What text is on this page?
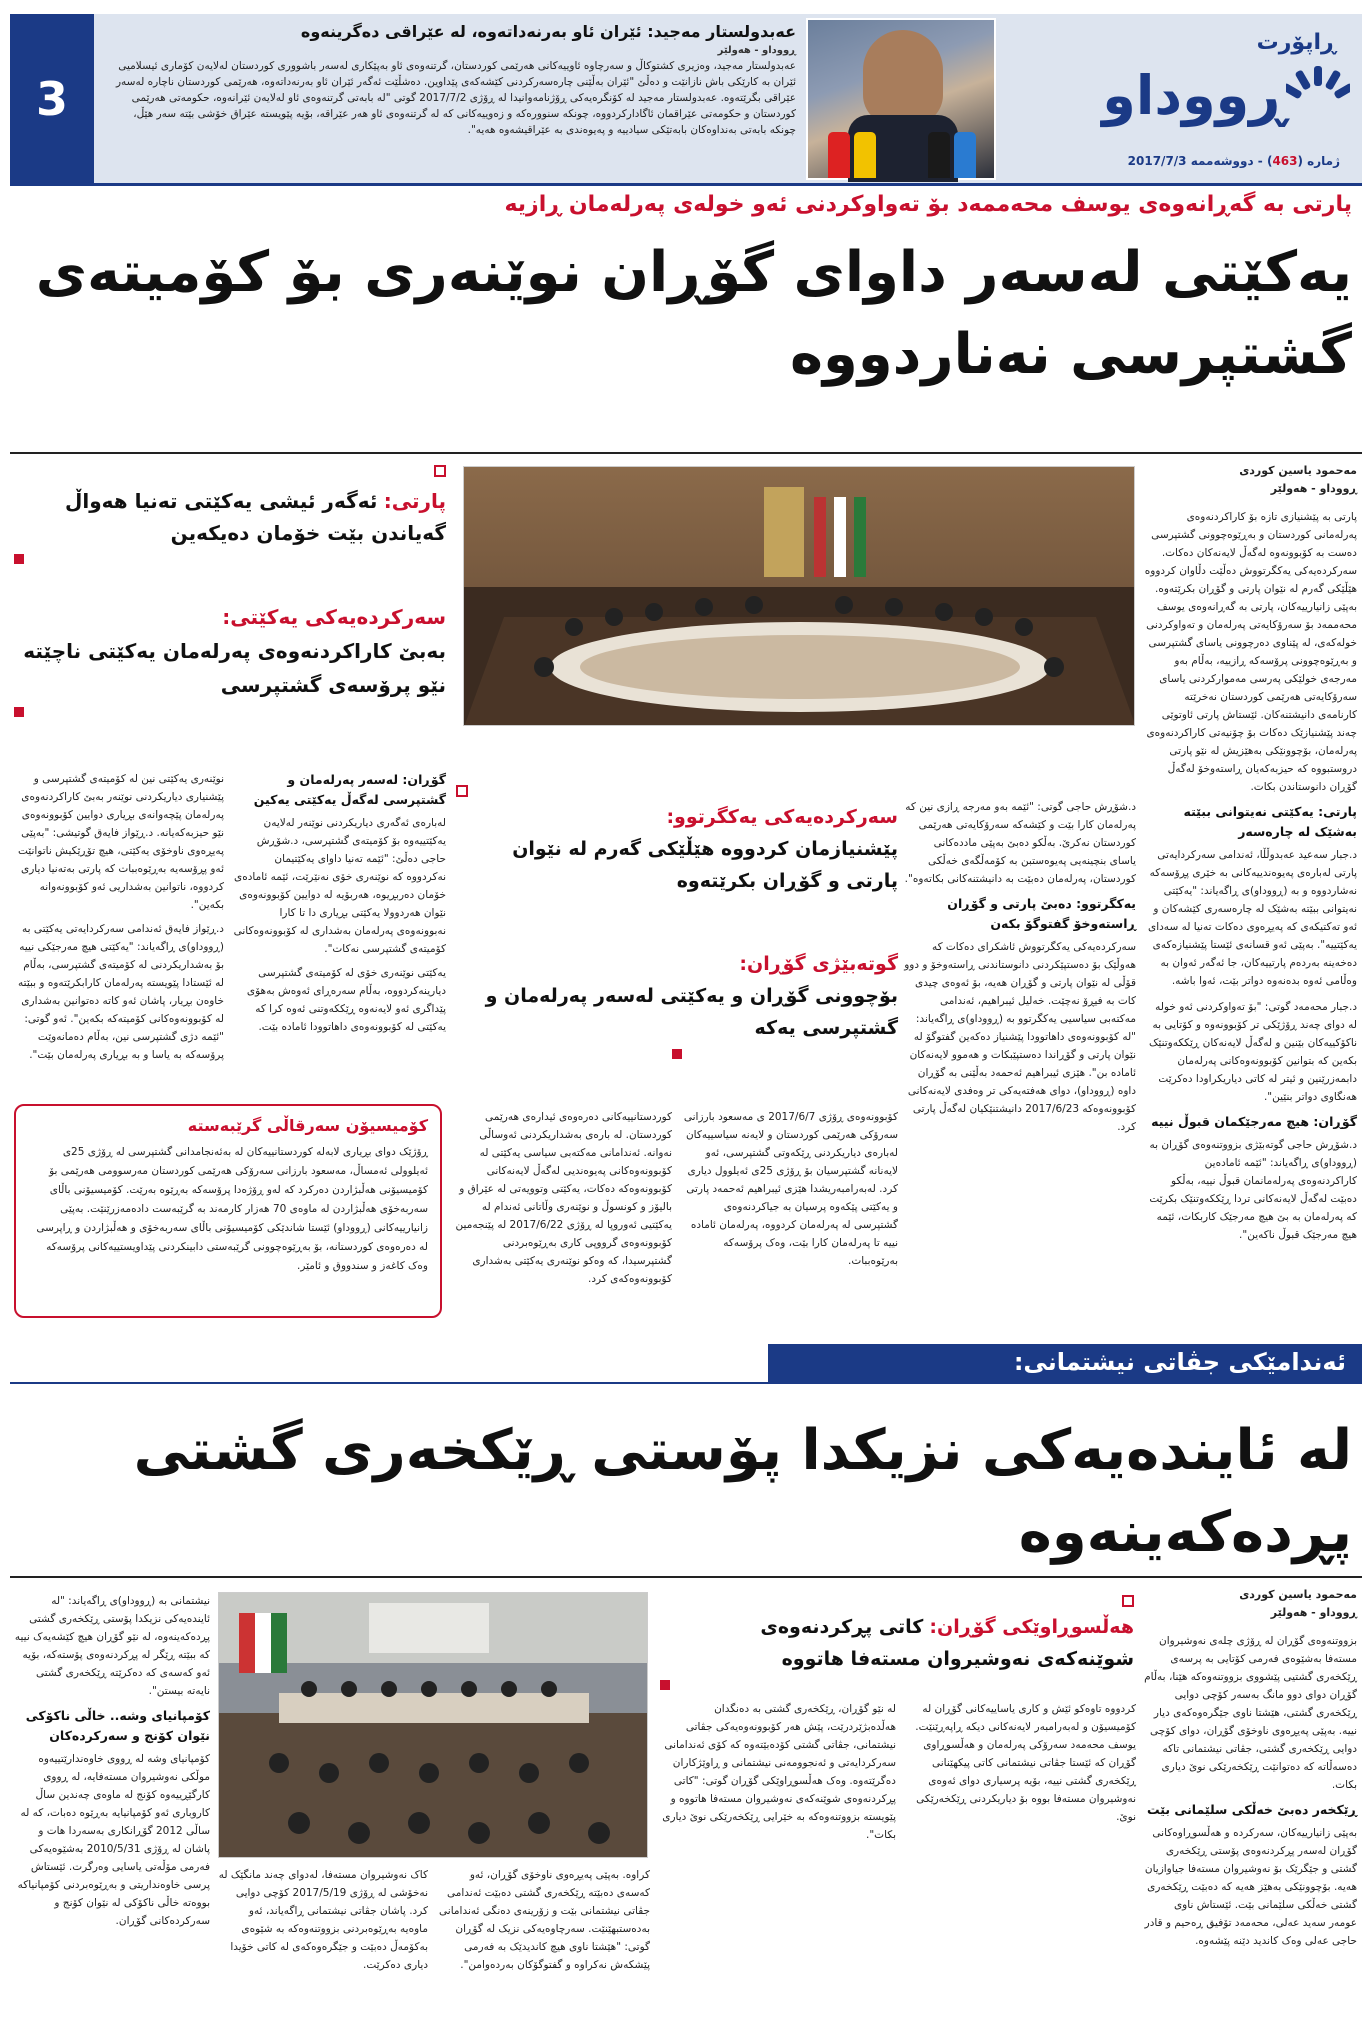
3
عەبدولستار مەجید: ئێران ئاو بەرنەداتەوە، لە عێراقی دەگرینەوە
ڕووداو - هەولێر
عەبدولستار مەجید، وەزیری کشتوکاڵ و سەرچاوە ئاوییەکانی هەرێمی کوردستان، گرتنەوەی ئاو بەپێکاری لەسەر باشووری کوردستان لەلایەن کۆماری ئیسلامیی ئێران بە کارێکی باش نازانێت و دەڵێ "ئێران بەڵێنی چارەسەرکردنی کێشەکەی پێداوین. دەشڵێت ئەگەر ئێران ئاو بەرنەداتەوە، هەرێمی کوردستان ناچارە لەسەر عێراقی بگرێتەوە. عەبدولستار مەجید لە کۆنگرەیەکی ڕۆژنامەوانیدا لە ڕۆژی 2017/7/2 گوتی "لە بابەتی گرتنەوەی ئاو لەلایەن ئێرانەوە، حکومەتی هەرێمی کوردستان و حکومەتی عێراقمان ئاگادارکردووە، چونکە سنوورەکە و زەوییەکانی کە لە گرتنەوەی ئاو هەر عێراقە، بۆیە پێویستە عێراق خۆشی بێتە سەر هێڵ، چونکە بابەتی بەنداوەکان بابەتێکی سیادییە و پەیوەندی بە عێراقیشەوە هەیە".
ڕاپۆرت
ڕووداو
ژمارە (463) - دووشەممە 2017/7/3
پارتی بە گەڕانەوەی یوسف محەممەد بۆ تەواوکردنی ئەو خولەی پەرلەمان ڕازیە
یەکێتی لەسەر داوای گۆڕان نوێنەری بۆ کۆمیتەی گشتپرسی نەناردووە
مەحمود یاسین کوردی
ڕووداو - هەولێر
پارتی بە پێشنیازی تازە بۆ کاراکردنەوەی پەرلەمانی کوردستان و بەڕێوەچوونی گشتپرسی دەست بە کۆبوونەوە لەگەڵ لایەنەکان دەکات. سەرکردەیەکی یەکگرتووش دەڵێت دڵاوان کردووە هێڵێکی گەرم لە نێوان پارتی و گۆڕان بکرێتەوە. بەپێی زانیارییەکان، پارتی بە گەڕانەوەی یوسف محەممەد بۆ سەرۆکایەتی پەرلەمان و تەواوکردنی خولەکەی، لە پێناوی دەرچوونی یاسای گشتپرسی و بەڕێوەچوونی پرۆسەکە ڕازییە، بەڵام بەو مەرجەی خولێکی پەرسی مەموارکردنی یاسای سەرۆکایەتی هەرێمی کوردستان نەخرێتە کارنامەی دانیشتنەکان. ئێستاش پارتی ئاوتوێی چەند پێشنیازێک دەکات بۆ چۆنیەتی کاراکردنەوەی پەرلەمان، بۆچوونێکی بەهێزیش لە نێو پارتی دروستبووە کە حیزبەکەیان ڕاستەوخۆ لەگەڵ گۆڕان دانوستاندن بکات.
پارتی: یەکێتی نەیتوانی ببێتە بەشێک لە چارەسەر
د.جبار سەعید عەبدوڵڵا، ئەندامی سەرکردایەتی پارتی لەبارەی پەیوەندییەکانی بە خێری پڕۆسەکە نەشاردووە و بە (ڕووداو)ی ڕاگەیاند: "یەکێتی نەیتوانی ببێتە بەشێک لە چارەسەری کێشەکان و ئەو تەکتیکەی کە پەیڕەوی دەکات تەنیا لە سەدای یەکێتییە". بەپێی ئەو قسانەی ئێستا پێشنیازەکەی دەخەینە بەردەم پارتییەکان، جا ئەگەر ئەوان بە وەڵامی ئەوە بدەنەوە دواتر بێت، ئەوا باشە.
د.جبار محەمەد گوتی: "بۆ تەواوکردنی ئەو خولە لە دوای چەند ڕۆژێکی تر کۆبوونەوە و کۆتایی بە ناکۆکییەکان بێنین و لەگەڵ لایەنەکان ڕێککەوتنێک بکەین کە بتوانین کۆبوونەوەکانی پەرلەمان دابمەزرێنین و ئیتر لە کاتی دیاریکراودا دەکرێت هەنگاوی دواتر بنێین".
گۆڕان: هیچ مەرجێکمان قبوڵ نییە
د.شۆڕش حاجی گوتەبێژی بزووتنەوەی گۆڕان بە (ڕووداو)ی ڕاگەیاند: "ئێمە ئامادەین کاراکردنەوەی پەرلەمانمان قبوڵ نییە، بەڵکو دەبێت لەگەڵ لایەنەکانی تردا ڕێککەوتنێک بکرێت کە پەرلەمان بە بێ هیچ مەرجێک کاربکات، ئێمە هیچ مەرجێک قبوڵ ناکەین".
پارتی: ئەگەر ئیشی یەکێتی تەنیا هەواڵ گەیاندن بێت خۆمان دەیکەین
سەرکردەیەکی یەکێتی:
بەبێ کاراکردنەوەی پەرلەمان یەکێتی ناچێتە نێو پرۆسەی گشتپرسی
سەرکردەیەکی یەکگرتوو:
پێشنیازمان کردووە هێڵێکی گەرم لە نێوان پارتی و گۆڕان بکرێتەوە
گوتەبێژی گۆڕان:
بۆچوونی گۆڕان و یەکێتی لەسەر پەرلەمان و گشتپرسی یەکە
د.شۆڕش حاجی گوتی: "ئێمە بەو مەرجە ڕازی نین کە پەرلەمان کارا بێت و کێشەکە سەرۆکایەتی هەرێمی کوردستان نەکرێ. بەڵکو دەبێ بەپێی ماددەکانی یاسای بنچینەیی پەیوەستبن بە کۆمەڵگەی خەڵکی کوردستان، پەرلەمان دەبێت بە دانیشتنەکانی بکاتەوە".
یەکگرتوو: دەبێ پارتی و گۆڕان ڕاستەوخۆ گفتوگۆ بکەن
سەرکردەیەکی یەکگرتووش ئاشکرای دەکات کە هەوڵێک بۆ دەستپێکردنی دانوستاندنی ڕاستەوخۆ و دوو قۆڵی لە نێوان پارتی و گۆڕان هەیە، بۆ ئەوەی چیدی کات بە فیڕۆ نەچێت. خەلیل ئیبراهیم، ئەندامی مەکتەبی سیاسیی یەکگرتوو بە (ڕووداو)ی ڕاگەیاند: "لە کۆبوونەوەی داهاتوودا پێشنیاز دەکەین گفتوگۆ لە نێوان پارتی و گۆڕاندا دەستپێبکات و هەموو لایەنەکان ئامادە بن". هێزی ئیبراهیم ئەحمەد بەڵێنی بە گۆڕان داوە (ڕووداو)، دوای هەفتەیەکی تر وەفدی لایەنەکانی کۆبوونەوەکە 2017/6/23 دانیشتنێکیان لەگەڵ پارتی کرد.
گۆڕان: لەسەر پەرلەمان و گشتپرسی لەگەڵ یەکێتی یەکین
لەبارەی ئەگەری دیاریکردنی نوێنەر لەلایەن یەکێتییەوە بۆ کۆمیتەی گشتپرسی، د.شۆڕش حاجی دەڵێ: "ئێمە تەنیا داوای یەکێتیمان نەکردووە کە نوێنەری خۆی نەنێرێت، ئێمە ئامادەی خۆمان دەربڕیوە، هەربۆیە لە دوایین کۆبوونەوەی نێوان هەردوولا یەکێتی بڕیاری دا تا کارا نەبوونەوەی پەرلەمان بەشداری لە کۆبوونەوەکانی کۆمیتەی گشتپرسی نەکات".
یەکێتی نوێنەری خۆی لە کۆمیتەی گشتپرسی دیارینەکردووە، بەڵام سەرەڕای ئەوەش بەهۆی پێداگری ئەو لایەنەوە ڕێککەوتنی ئەوە کرا کە یەکێتی لە کۆبوونەوەی داهاتوودا ئامادە بێت.
نوێنەری یەکێتی نین لە کۆمیتەی گشتپرسی و پێشنیاری دیاریکردنی نوێنەر بەبێ کاراکردنەوەی پەرلەمان پێچەوانەی بڕیاری دوایین کۆبوونەوەی نێو حیزبەکەیانە. د.ڕێواز فایەق گوتیشی: "بەپێی پەیڕەوی ناوخۆی یەکێتی، هیچ تۆڕێکیش ناتوانێت ئەو پڕۆسەیە بەڕێوەببات کە پارتی بەتەنیا دیاری کردووە، ناتوانین بەشداریی ئەو کۆبوونەوانە بکەین".
د.ڕێواز فایەق ئەندامی سەرکردایەتی یەکێتی بە (ڕووداو)ی ڕاگەیاند: "یەکێتی هیچ مەرجێکی نییە بۆ بەشداریکردنی لە کۆمیتەی گشتپرسی، بەڵام لە ئێستادا پێویستە پەرلەمان کارابکرێتەوە و ببێتە خاوەن بڕیار، پاشان ئەو کاتە دەتوانین بەشداری لە کۆبوونەوەکانی کۆمیتەکە بکەین". ئەو گوتی: "ئێمە دژی گشتپرسی نین، بەڵام دەمانەوێت پرۆسەکە بە یاسا و بە بڕیاری پەرلەمان بێت".
کۆبوونەوەی ڕۆژی 2017/6/7 ی مەسعود بارزانی سەرۆکی هەرێمی کوردستان و لایەنە سیاسییەکان لەبارەی دیاریکردنی ڕێکەوتی گشتپرسی، ئەو لایەنانە گشتپرسیان بۆ ڕۆژی 25ی ئەیلوول دیاری کرد. لەبەرامبەریشدا هێزی ئیبراهیم ئەحمەد پارتی و یەکێتی پێکەوە پرسیان بە جیاکردنەوەی گشتپرسی لە پەرلەمان کردووە، پەرلەمان ئامادە نییە تا پەرلەمان کارا بێت، وەک پرۆسەکە بەرێوەببات.
کوردستانییەکانی دەرەوەی ئیدارەی هەرێمی کوردستان. لە بارەی بەشداریکردنی ئەوساڵی نەوانە. ئەندامانی مەکتەبی سیاسی یەکێتی لە کۆبوونەوەکانی پەیوەندیی لەگەڵ لایەنەکانی کۆبوونەوەکە دەکات، یەکێتی وتوویەتی لە عێراق و بالیۆز و کونسوڵ و نوێنەری وڵاتانی ئەندام لە یەکێتیی ئەوروپا لە ڕۆژی 2017/6/22 لە پێنجەمین کۆبوونەوەی گرووپی کاری بەڕێوەبردنی گشتپرسیدا، کە وەکو نوێنەری یەکێتی بەشداری کۆبوونەوەکەی کرد.
کۆمیسیۆن سەرقاڵی گرێبەستە
ڕۆژێک دوای بڕیاری لابەلە کوردستانییەکان لە بەئەنجامدانی گشتپرسی لە ڕۆژی 25ی ئەیلوولی ئەمساڵ، مەسعود بارزانی سەرۆکی هەرێمی کوردستان مەرسوومی هەرێمی بۆ کۆمیسیۆنی هەڵبژاردن دەرکرد کە لەو ڕۆژەدا پرۆسەکە بەڕێوە بەرێت. کۆمیسیۆنی باڵای سەربەخۆی هەڵبژاردن لە ماوەی 70 هەزار کارمەند بە گرێبەست دادەمەزرێنێت. بەپێی زانیارییەکانی (ڕووداو) ئێستا شاندێکی کۆمیسیۆنی باڵای سەربەخۆی و هەڵبژاردن و ڕاپرسی لە دەرەوەی کوردستانە، بۆ بەڕێوەچوونی گرێبەستی دابینکردنی پێداویستییەکانی پرۆسەکە وەک کاغەز و سندووق و ئامێر.
ئەندامێکی جڤاتی نیشتمانی:
لە ئایندەیەکی نزیکدا پۆستی ڕێکخەری گشتی پڕدەکەینەوە
مەحمود یاسین کوردی
ڕووداو - هەولێر
بزووتنەوەی گۆڕان لە ڕۆژی چلەی نەوشیروان مستەفا بەشێوەی فەرمی کۆتایی بە پرسەی ڕێکخەری گشتیی پێشووی بزووتنەوەکە هێنا، بەڵام گۆڕان دوای دوو مانگ بەسەر کۆچی دوایی ڕێکخەری گشتی، هێشتا ناوی جێگرەوەکەی دیار نییە. بەپێی پەیڕەوی ناوخۆی گۆڕان، دوای کۆچی دوایی ڕێکخەری گشتی، جڤاتی نیشتمانی تاکە دەسەڵاتە کە دەتوانێت ڕێکخەرێکی نوێ دیاری بکات.
ڕێکخەر دەبێ خەڵکی سلێمانی بێت
بەپێی زانیارییەکان، سەرکردە و هەڵسوڕاوەکانی گۆڕان لەسەر پڕکردنەوەی پۆستی ڕێکخەری گشتی و جێگرێک بۆ نەوشیروان مستەفا جیاوازیان هەیە. بۆچوونێکی بەهێز هەیە کە دەبێت ڕێکخەری گشتی خەڵکی سلێمانی بێت. ئێستاش ناوی عومەر سەید عەلی، محەمەد تۆفیق ڕەحیم و قادر حاجی عەلی وەک کاندید دێنە پێشەوە.
هەڵسوڕاوێکی گۆڕان: کاتی پڕکردنەوەی شوێنەکەی نەوشیروان مستەفا هاتووە
کردووە تاوەکو ئێش و کاری یاساییەکانی گۆڕان لە کۆمیسیۆن و لەبەرامبەر لایەنەکانی دیکە ڕاپەڕێنێت. یوسف محەمەد سەرۆکی پەرلەمان و هەڵسوڕاوی گۆڕان کە ئێستا جڤاتی نیشتمانی کاتی پیکهێنانی ڕێکخەری گشتی نییە، بۆیە پرسیاری دوای ئەوەی نەوشیروان مستەفا بووە بۆ دیاریکردنی ڕێکخەرێکی نوێ.
لە نێو گۆڕان، ڕێکخەری گشتی بە دەنگدان هەڵدەبژێردرێت، پێش هەر کۆبوونەوەیەکی جڤاتی نیشتمانی، جڤاتی گشتی کۆدەبێتەوە کە کۆی ئەندامانی سەرکردایەتی و ئەنجوومەنی نیشتمانی و ڕاوێژکاران دەگرێتەوە. وەک هەڵسوڕاوێکی گۆڕان گوتی: "کاتی پڕکردنەوەی شوێنەکەی نەوشیروان مستەفا هاتووە و پێویستە بزووتنەوەکە بە خێرایی ڕێکخەرێکی نوێ دیاری بکات".
کراوە. بەپێی پەیڕەوی ناوخۆی گۆڕان، ئەو کەسەی دەبێتە ڕێکخەری گشتی دەبێت ئەندامی جڤاتی نیشتمانی بێت و زۆرینەی دەنگی ئەندامانی بەدەستبهێنێت. سەرچاوەیەکی نزیک لە گۆڕان گوتی: "هێشتا ناوی هیچ کاندیدێک بە فەرمی پێشکەش نەکراوە و گفتوگۆکان بەردەوامن".
کاک نەوشیروان مستەفا، لەدوای چەند مانگێک لە نەخۆشی لە ڕۆژی 2017/5/19 کۆچی دوایی کرد. پاشان جڤاتی نیشتمانی ڕاگەیاند، ئەو ماوەیە بەڕێوەبردنی بزووتنەوەکە بە شێوەی بەکۆمەڵ دەبێت و جێگرەوەکەی لە کاتی خۆیدا دیاری دەکرێت.
نیشتمانی بە (ڕووداو)ی ڕاگەیاند: "لە ئایندەیەکی نزیکدا پۆستی ڕێکخەری گشتی پڕدەکەینەوە، لە نێو گۆڕان هیچ کێشەیەک نییە کە ببێتە ڕێگر لە پڕکردنەوەی پۆستەکە، بۆیە ئەو کەسەی کە دەکرێتە ڕێکخەری گشتی نایەتە بیستن".
کۆمپانیای وشە.. خاڵی ناکۆکی نێوان کۆنج و سەرکردەکان
کۆمپانیای وشە لە ڕووی خاوەندارێتییەوە موڵکی نەوشیروان مستەفایە، لە ڕووی کارگێڕییەوە کۆنج لە ماوەی چەندین ساڵ کاروباری ئەو کۆمپانیایە بەڕێوە دەبات، کە لە ساڵی 2012 گۆڕانکاری بەسەردا هات و پاشان لە ڕۆژی 2010/5/31 بەشێوەیەکی فەرمی مۆڵەتی یاسایی وەرگرت. ئێستاش پرسی خاوەنداریتی و بەڕێوەبردنی کۆمپانیاکە بووەتە خاڵی ناکۆکی لە نێوان کۆنج و سەرکردەکانی گۆڕان.
